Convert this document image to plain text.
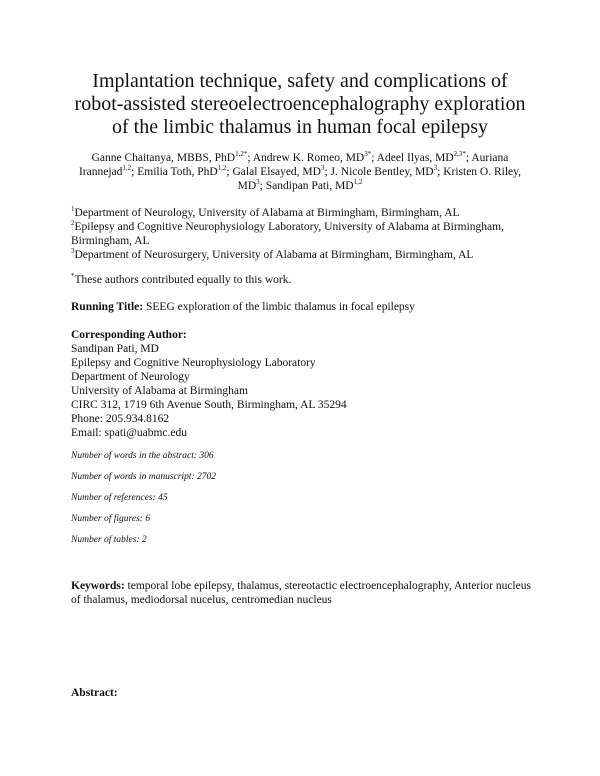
Implantation technique, safety and complications of
robot-assisted stereoelectroencephalography exploration
of the limbic thalamus in human focal epilepsy
Ganne Chaitanya, MBBS, PhD$^{1,2*}$; Andrew K. Romeo, $MD^{3*}$; Adeel Ilyas, $MD^{2,3*}$; Auriana Irannejad$^{1,2}$; Emilia Toth, PhD$^{1,2}$; Galal Elsayed, $MD^3$; J. Nicole Bentley, $MD^3$; Kristen O. Riley, $MD^3$; Sandipan Pati, MD$^{1,2}$
$^1$Department of Neurology, University of Alabama at Birmingham, Birmingham, AL
$^2$Epilepsy and Cognitive Neurophysiology Laboratory, University of Alabama at Birmingham, Birmingham, AL
$^3$Department of Neurosurgery, University of Alabama at Birmingham, Birmingham, AL
*These authors contributed equally to this work.
Running Title: SEEG exploration of the limbic thalamus in focal epilepsy
Corresponding Author:
Sandipan Pati, MD
Epilepsy and Cognitive Neurophysiology Laboratory
Department of Neurology
University of Alabama at Birmingham
CIRC 312, 1719 6th Avenue South, Birmingham, AL 35294
Phone: 205.934.8162
Email: spati@uabmc.edu
Number of words in the abstract: 306
Number of words in manuscript: 2702
Number of references: 45
Number of figures: 6
Number of tables: 2
Keywords: temporal lobe epilepsy, thalamus, stereotactic electroencephalography, Anterior nucleus of thalamus, mediodorsal nucelus, centromedian nucleus
Abstract:
